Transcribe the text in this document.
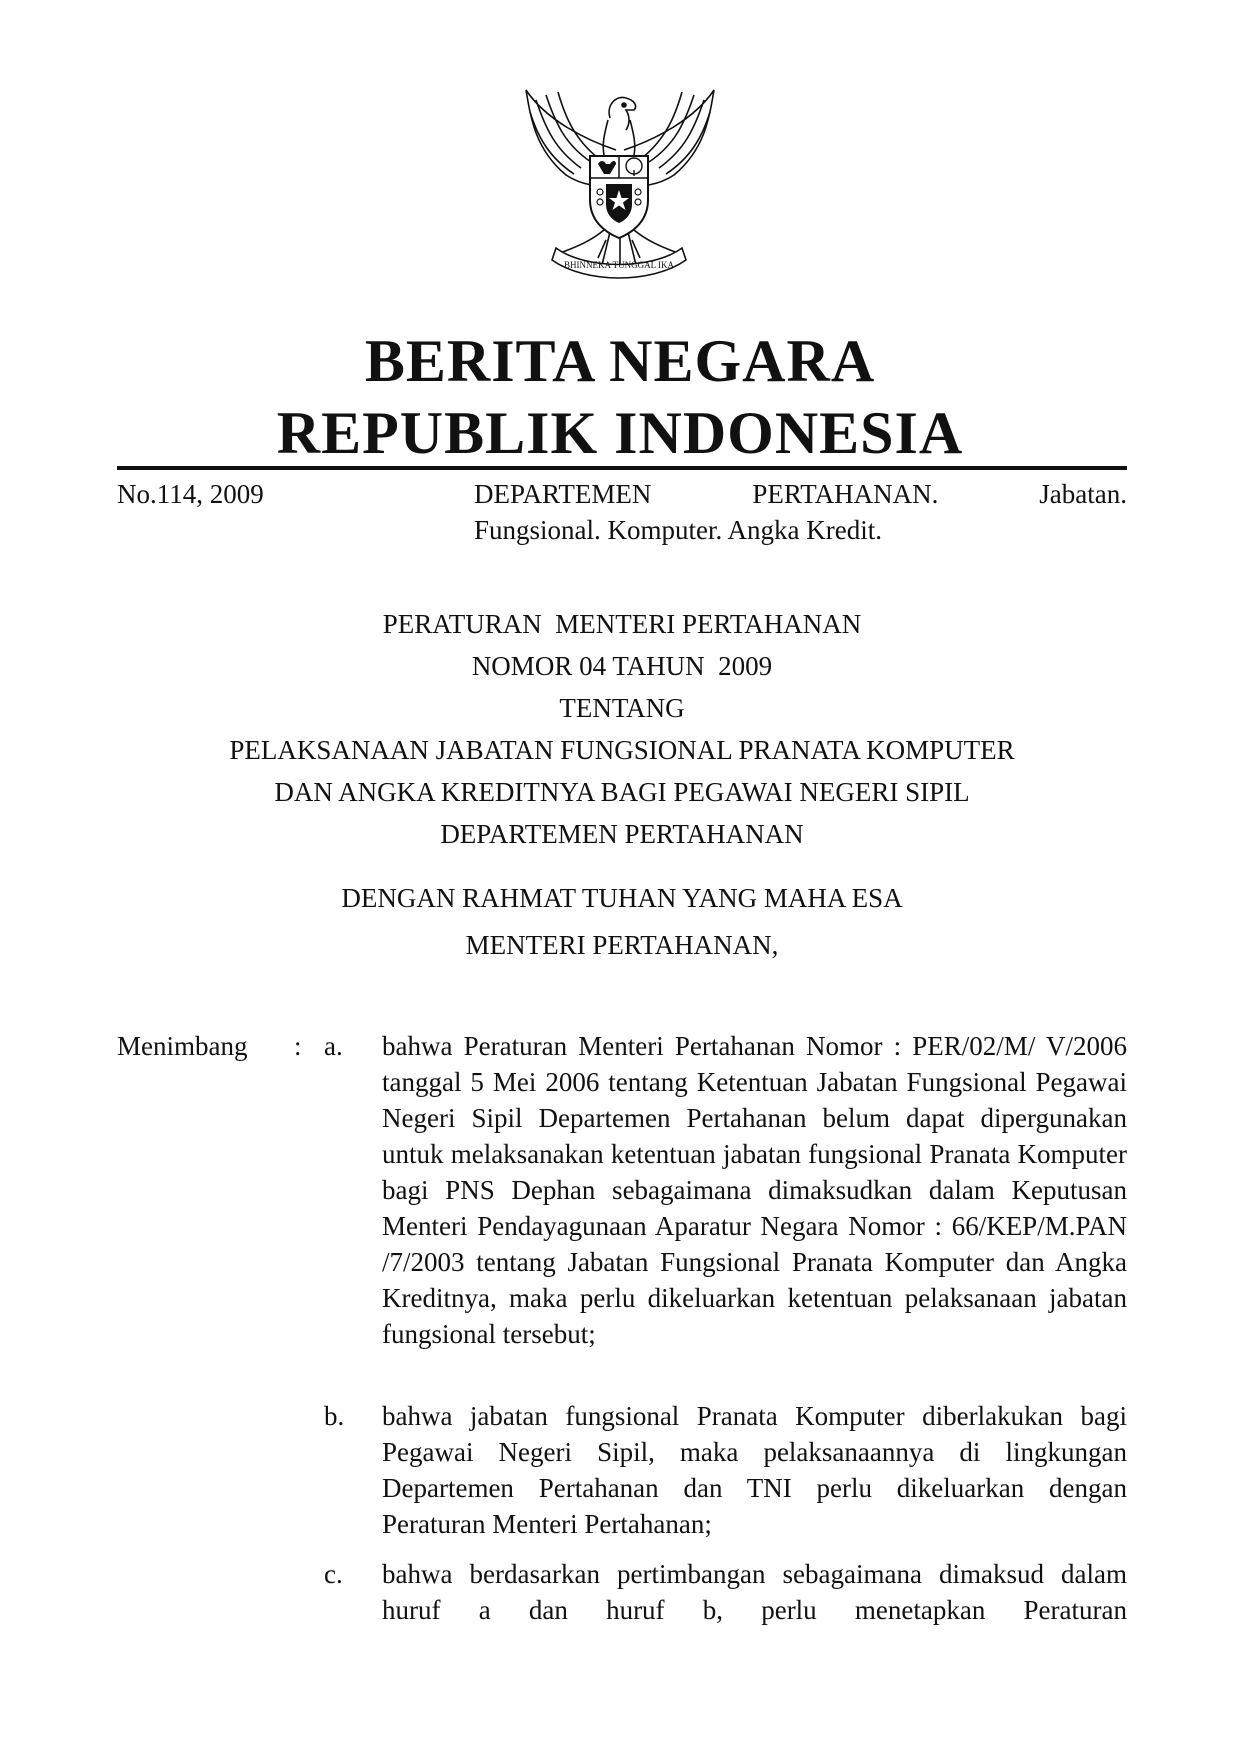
BHINNEKA TUNGGAL IKA
BERITA NEGARA
REPUBLIK INDONESIA
No.114, 2009	DEPARTEMEN	PERTAHANAN.	Jabatan.
Fungsional. Komputer. Angka Kredit.
PERATURAN  MENTERI PERTAHANAN
NOMOR 04 TAHUN  2009
TENTANG
PELAKSANAAN JABATAN FUNGSIONAL PRANATA KOMPUTER
DAN ANGKA KREDITNYA BAGI PEGAWAI NEGERI SIPIL
DEPARTEMEN PERTAHANAN
DENGAN RAHMAT TUHAN YANG MAHA ESA
MENTERI PERTAHANAN,
Menimbang : a. bahwa Peraturan Menteri Pertahanan Nomor : PER/02/M/ V/2006 tanggal 5 Mei 2006 tentang Ketentuan Jabatan Fungsional Pegawai Negeri Sipil Departemen Pertahanan belum dapat dipergunakan untuk melaksanakan ketentuan jabatan fungsional Pranata Komputer bagi PNS Dephan sebagaimana dimaksudkan dalam Keputusan Menteri Pendayagunaan Aparatur Negara Nomor : 66/KEP/M.PAN /7/2003 tentang Jabatan Fungsional Pranata Komputer dan Angka Kreditnya, maka perlu dikeluarkan ketentuan pelaksanaan jabatan fungsional tersebut;
b. bahwa jabatan fungsional Pranata Komputer diberlakukan bagi Pegawai Negeri Sipil, maka pelaksanaannya di lingkungan Departemen Pertahanan dan TNI perlu dikeluarkan dengan Peraturan Menteri Pertahanan;
c. bahwa berdasarkan pertimbangan sebagaimana dimaksud dalam huruf a dan huruf b, perlu menetapkan Peraturan
